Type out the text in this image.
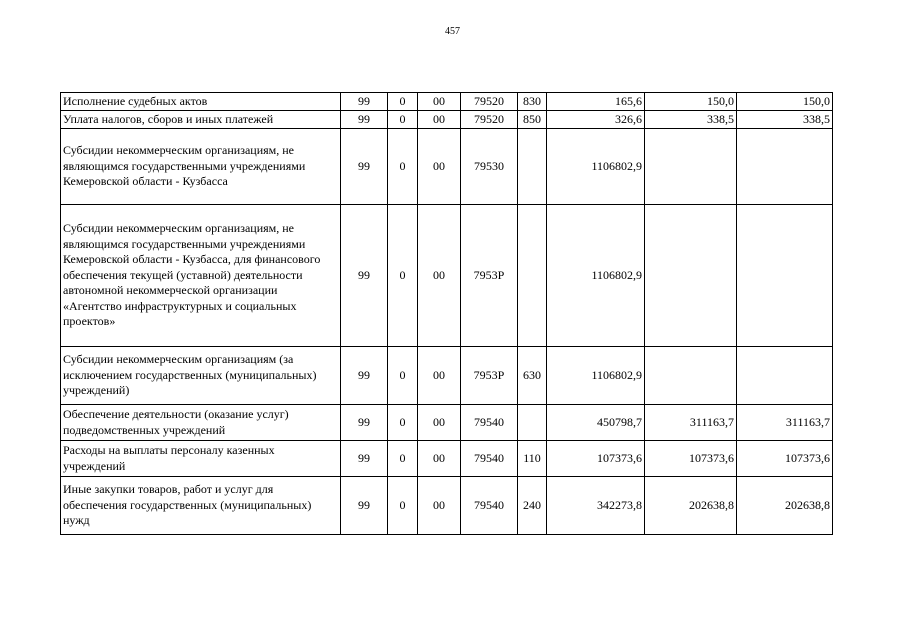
457
Исполнение судебных актов	99	0	00	79520	830	165,6	150,0	150,0
Уплата налогов, сборов и иных платежей	99	0	00	79520	850	326,6	338,5	338,5
Субсидии некоммерческим организациям, не являющимся государственными учреждениями Кемеровской области - Кузбасса	99	0	00	79530		1106802,9		
Субсидии некоммерческим организациям, не являющимся государственными учреждениями Кемеровской области - Кузбасса, для финансового обеспечения текущей (уставной) деятельности автономной некоммерческой организации «Агентство инфраструктурных и социальных проектов»	99	0	00	7953Р		1106802,9		
Субсидии некоммерческим организациям (за исключением государственных (муниципальных) учреждений)	99	0	00	7953Р	630	1106802,9		
Обеспечение деятельности (оказание услуг) подведомственных учреждений	99	0	00	79540		450798,7	311163,7	311163,7
Расходы на выплаты персоналу казенных учреждений	99	0	00	79540	110	107373,6	107373,6	107373,6
Иные закупки товаров, работ и услуг для обеспечения государственных (муниципальных) нужд	99	0	00	79540	240	342273,8	202638,8	202638,8
